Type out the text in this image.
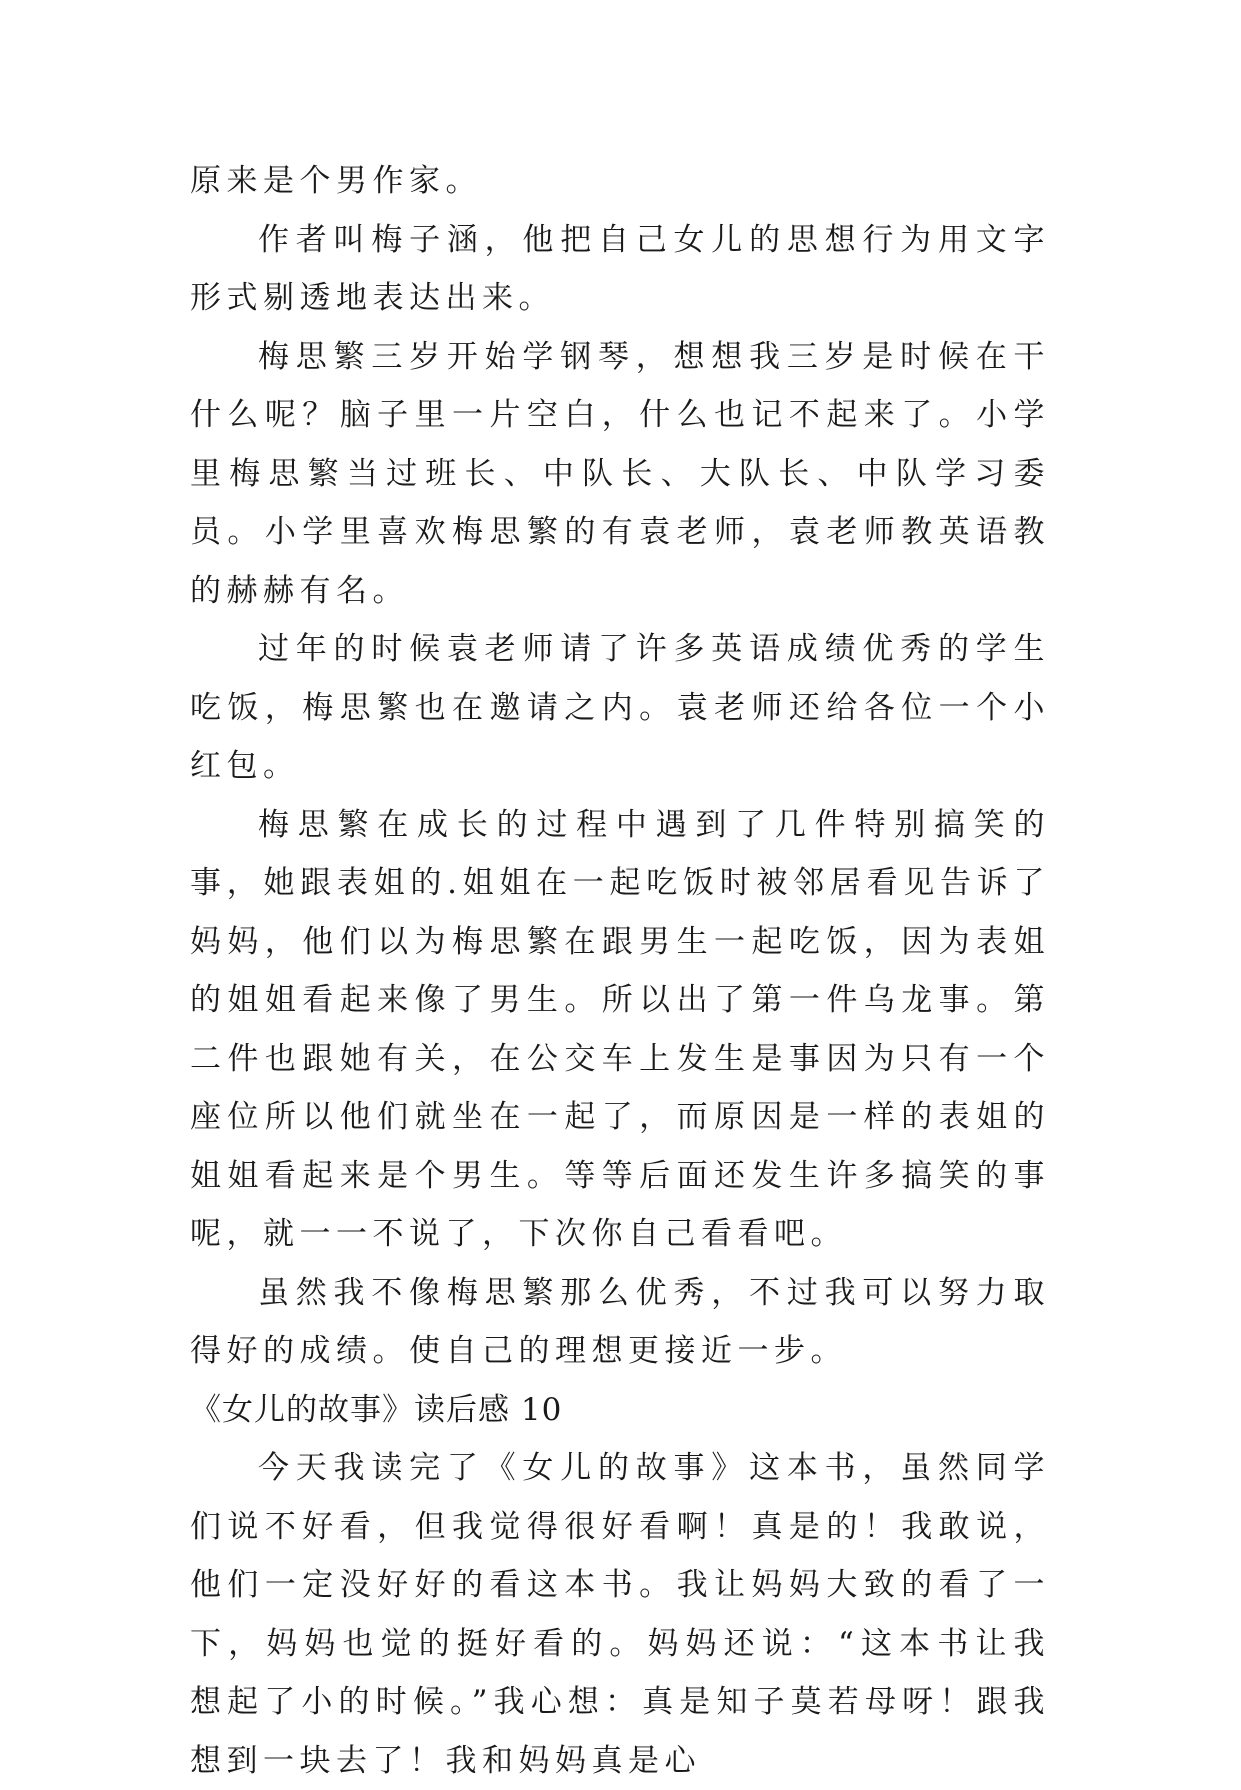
原来是个男作家。

作者叫梅子涵，他把自己女儿的思想行为用文字形式剔透地表达出来。

梅思繁三岁开始学钢琴，想想我三岁是时候在干什么呢？脑子里一片空白，什么也记不起来了。小学里梅思繁当过班长、中队长、大队长、中队学习委员。小学里喜欢梅思繁的有袁老师，袁老师教英语教的赫赫有名。

过年的时候袁老师请了许多英语成绩优秀的学生吃饭，梅思繁也在邀请之内。袁老师还给各位一个小红包。

梅思繁在成长的过程中遇到了几件特别搞笑的事，她跟表姐的.姐姐在一起吃饭时被邻居看见告诉了妈妈，他们以为梅思繁在跟男生一起吃饭，因为表姐的姐姐看起来像了男生。所以出了第一件乌龙事。第二件也跟她有关，在公交车上发生是事因为只有一个座位所以他们就坐在一起了，而原因是一样的表姐的姐姐看起来是个男生。等等后面还发生许多搞笑的事呢，就一一不说了，下次你自己看看吧。

虽然我不像梅思繁那么优秀，不过我可以努力取得好的成绩。使自己的理想更接近一步。

《女儿的故事》读后感 10

今天我读完了《女儿的故事》这本书，虽然同学们说不好看，但我觉得很好看啊！真是的！我敢说，他们一定没好好的看这本书。我让妈妈大致的看了一下，妈妈也觉的挺好看的。妈妈还说：“这本书让我想起了小的时候。”我心想：真是知子莫若母呀！跟我想到一块去了！我和妈妈真是心
